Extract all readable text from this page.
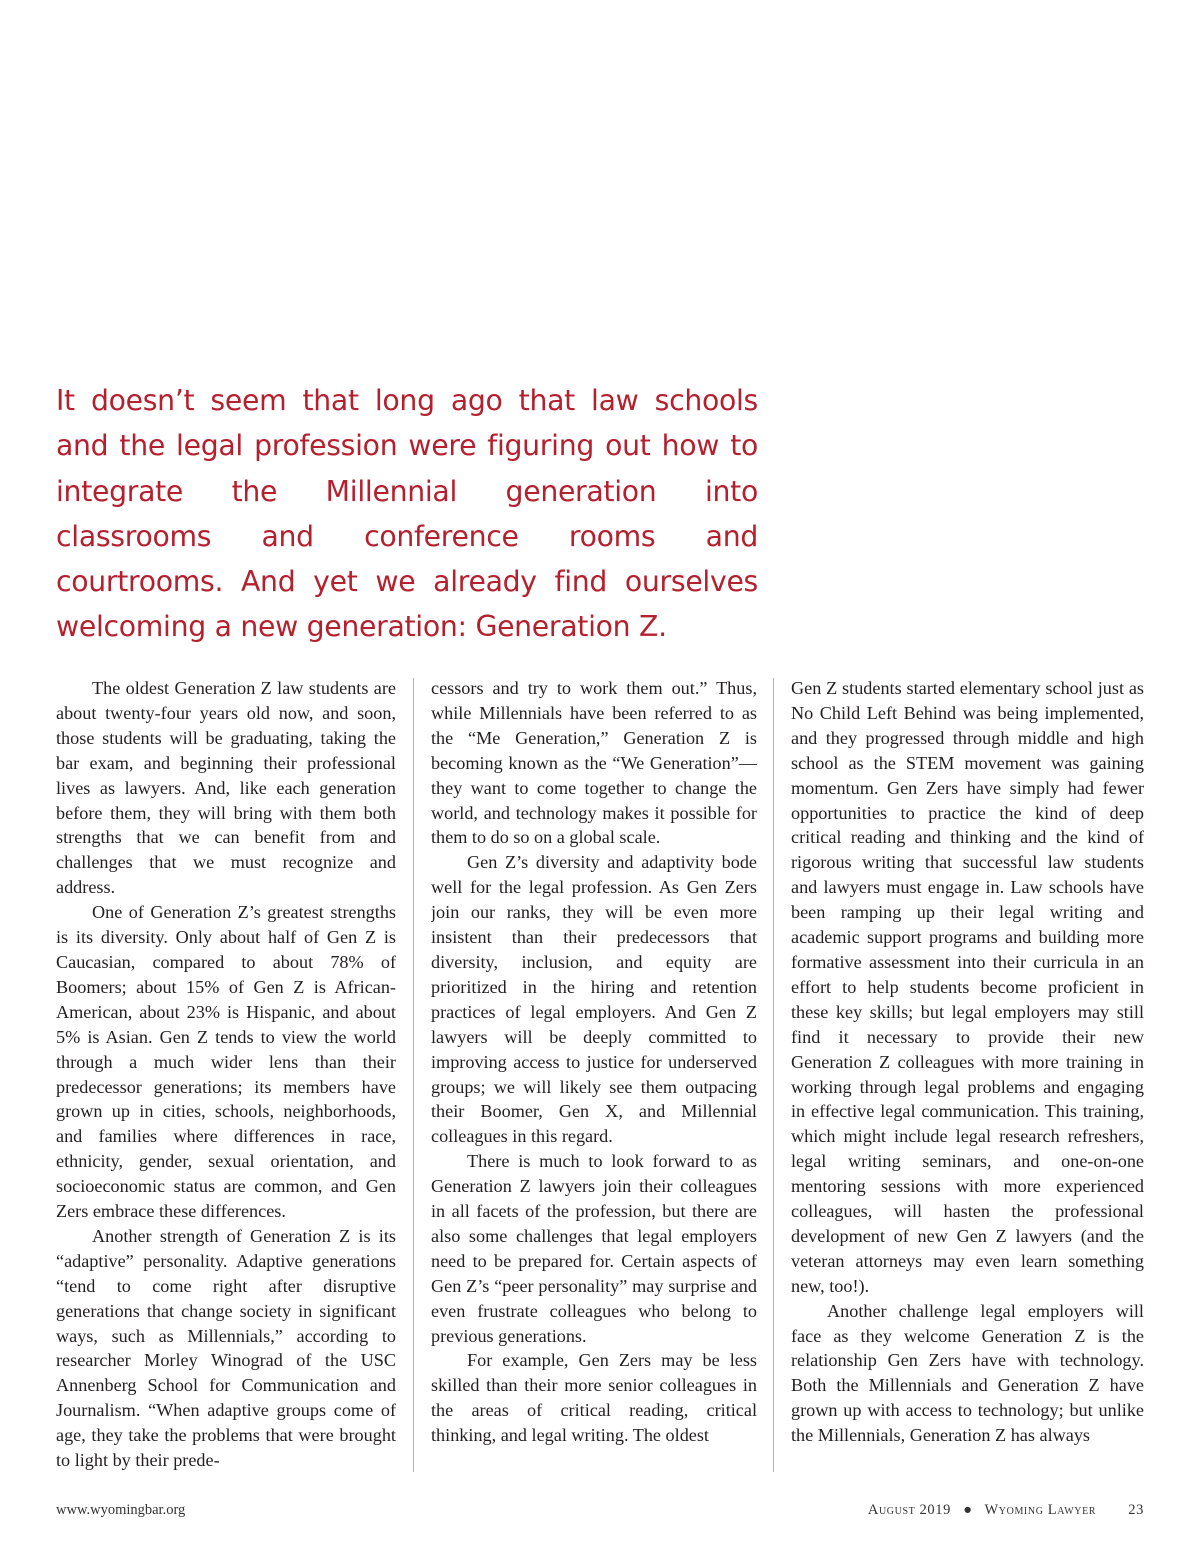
It doesn’t seem that long ago that law schools and the legal profession were figuring out how to integrate the Millennial generation into classrooms and conference rooms and courtrooms. And yet we already find ourselves welcoming a new generation: Generation Z.

The oldest Generation Z law students are about twenty-four years old now, and soon, those students will be graduating, taking the bar exam, and beginning their professional lives as lawyers. And, like each generation before them, they will bring with them both strengths that we can benefit from and challenges that we must recognize and address.

One of Generation Z’s greatest strengths is its diversity. Only about half of Gen Z is Caucasian, compared to about 78% of Boomers; about 15% of Gen Z is African-American, about 23% is Hispanic, and about 5% is Asian. Gen Z tends to view the world through a much wider lens than their predecessor generations; its members have grown up in cities, schools, neighborhoods, and families where differences in race, ethnicity, gender, sexual orientation, and socioeconomic status are common, and Gen Zers embrace these differences.

Another strength of Generation Z is its “adaptive” personality. Adaptive generations “tend to come right after disruptive generations that change society in significant ways, such as Millennials,” according to researcher Morley Winograd of the USC Annenberg School for Communication and Journalism. “When adaptive groups come of age, they take the problems that were brought to light by their prede-

cessors and try to work them out.” Thus, while Millennials have been referred to as the “Me Generation,” Generation Z is becoming known as the “We Generation”—they want to come together to change the world, and technology makes it possible for them to do so on a global scale.

Gen Z’s diversity and adaptivity bode well for the legal profession. As Gen Zers join our ranks, they will be even more insistent than their predecessors that diversity, inclusion, and equity are prioritized in the hiring and retention practices of legal employers. And Gen Z lawyers will be deeply committed to improving access to justice for underserved groups; we will likely see them outpacing their Boomer, Gen X, and Millennial colleagues in this regard.

There is much to look forward to as Generation Z lawyers join their colleagues in all facets of the profession, but there are also some challenges that legal employers need to be prepared for. Certain aspects of Gen Z’s “peer personality” may surprise and even frustrate colleagues who belong to previous generations.

For example, Gen Zers may be less skilled than their more senior colleagues in the areas of critical reading, critical thinking, and legal writing. The oldest

Gen Z students started elementary school just as No Child Left Behind was being implemented, and they progressed through middle and high school as the STEM movement was gaining momentum. Gen Zers have simply had fewer opportunities to practice the kind of deep critical reading and thinking and the kind of rigorous writing that successful law students and lawyers must engage in. Law schools have been ramping up their legal writing and academic support programs and building more formative assessment into their curricula in an effort to help students become proficient in these key skills; but legal employers may still find it necessary to provide their new Generation Z colleagues with more training in working through legal problems and engaging in effective legal communication. This training, which might include legal research refreshers, legal writing seminars, and one-on-one mentoring sessions with more experienced colleagues, will hasten the professional development of new Gen Z lawyers (and the veteran attorneys may even learn something new, too!).

Another challenge legal employers will face as they welcome Generation Z is the relationship Gen Zers have with technology. Both the Millennials and Generation Z have grown up with access to technology; but unlike the Millennials, Generation Z has always

www.wyomingbar.org	August 2019 ● Wyoming Lawyer 23
